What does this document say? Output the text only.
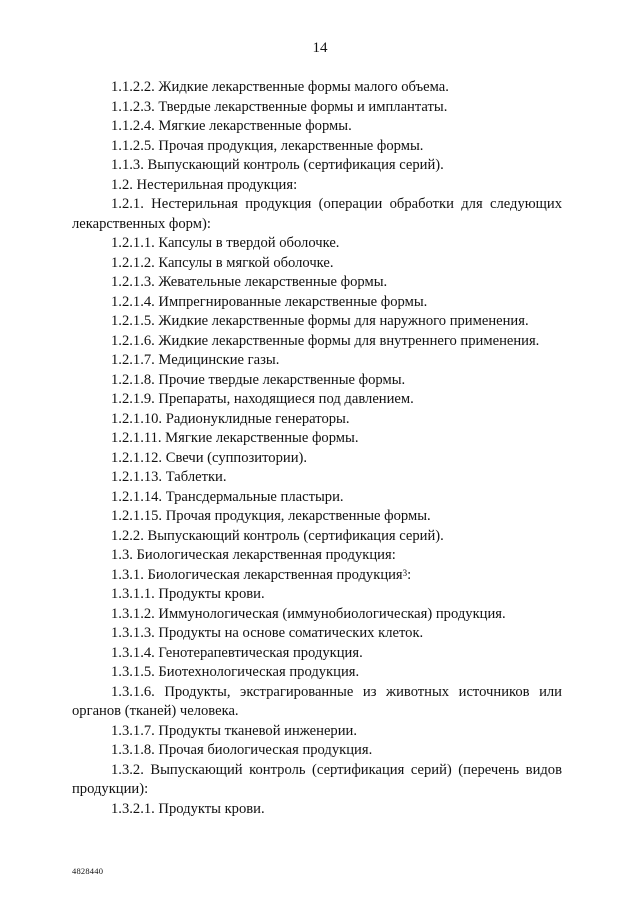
14
1.1.2.2. Жидкие лекарственные формы малого объема.
1.1.2.3. Твердые лекарственные формы и имплантаты.
1.1.2.4. Мягкие лекарственные формы.
1.1.2.5. Прочая продукция, лекарственные формы.
1.1.3. Выпускающий контроль (сертификация серий).
1.2. Нестерильная продукция:
1.2.1. Нестерильная продукция (операции обработки для следующих
лекарственных форм):
1.2.1.1. Капсулы в твердой оболочке.
1.2.1.2. Капсулы в мягкой оболочке.
1.2.1.3. Жевательные лекарственные формы.
1.2.1.4. Импрегнированные лекарственные формы.
1.2.1.5. Жидкие лекарственные формы для наружного применения.
1.2.1.6. Жидкие лекарственные формы для внутреннего применения.
1.2.1.7. Медицинские газы.
1.2.1.8. Прочие твердые лекарственные формы.
1.2.1.9. Препараты, находящиеся под давлением.
1.2.1.10. Радионуклидные генераторы.
1.2.1.11. Мягкие лекарственные формы.
1.2.1.12. Свечи (суппозитории).
1.2.1.13. Таблетки.
1.2.1.14. Трансдермальные пластыри.
1.2.1.15. Прочая продукция, лекарственные формы.
1.2.2. Выпускающий контроль (сертификация серий).
1.3. Биологическая лекарственная продукция:
1.3.1. Биологическая лекарственная продукция$^3$:
1.3.1.1. Продукты крови.
1.3.1.2. Иммунологическая (иммунобиологическая) продукция.
1.3.1.3. Продукты на основе соматических клеток.
1.3.1.4. Генотерапевтическая продукция.
1.3.1.5. Биотехнологическая продукция.
1.3.1.6. Продукты, экстрагированные из животных источников или
органов (тканей) человека.
1.3.1.7. Продукты тканевой инженерии.
1.3.1.8. Прочая биологическая продукция.
1.3.2. Выпускающий контроль (сертификация серий) (перечень видов
продукции):
1.3.2.1. Продукты крови.
4828440
